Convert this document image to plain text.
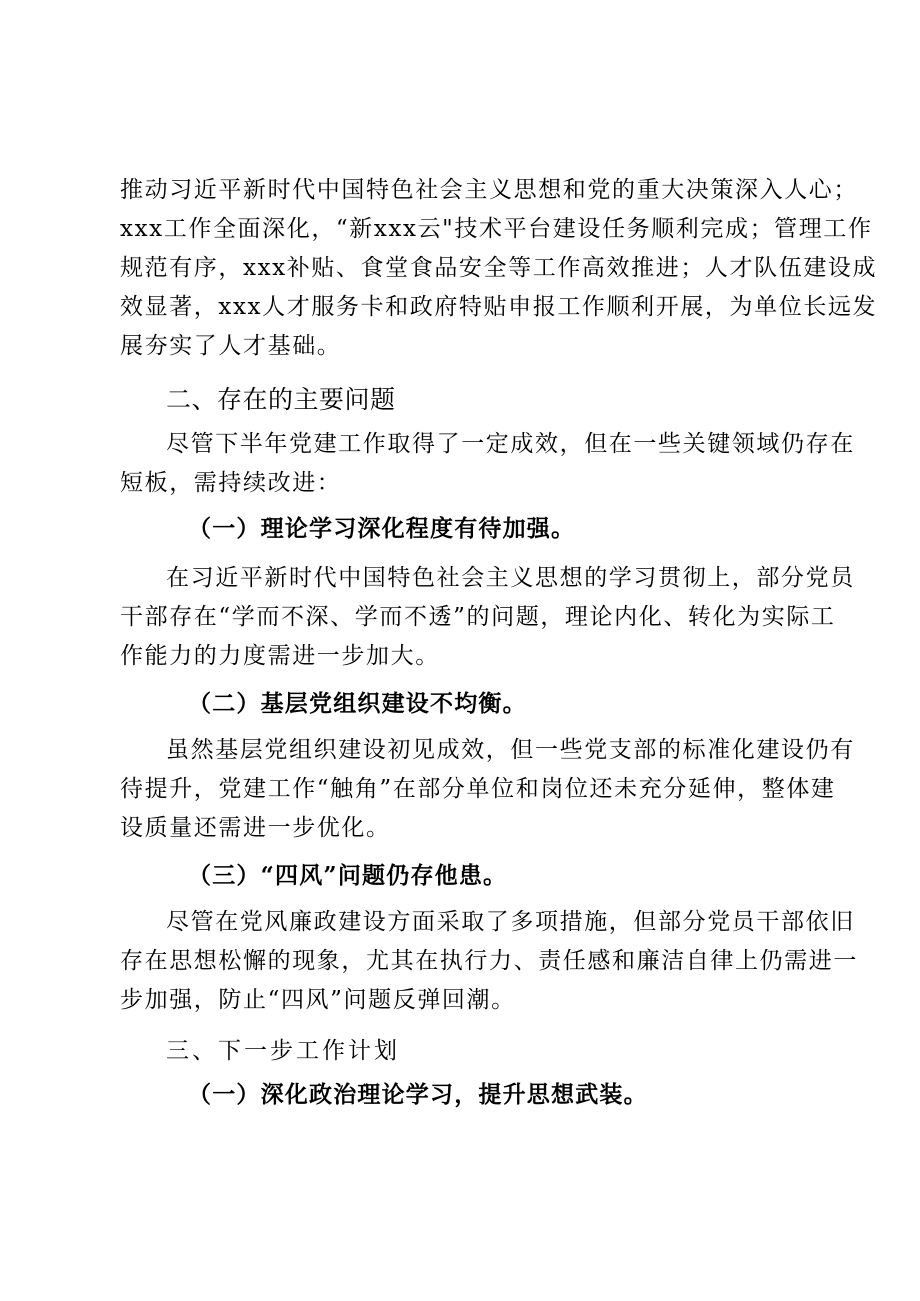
推动习近平新时代中国特色社会主义思想和党的重大决策深入人心；
xxx工作全面深化，“新xxx云"技术平台建设任务顺利完成；管理工作
规范有序，xxx补贴、食堂食品安全等工作高效推进；人才队伍建设成
效显著，xxx人才服务卡和政府特贴申报工作顺利开展，为单位长远发
展夯实了人才基础。
二、存在的主要问题
尽管下半年党建工作取得了一定成效，但在一些关键领域仍存在
短板，需持续改进：
（一）理论学习深化程度有待加强。
在习近平新时代中国特色社会主义思想的学习贯彻上，部分党员
干部存在“学而不深、学而不透”的问题，理论内化、转化为实际工
作能力的力度需进一步加大。
（二）基层党组织建设不均衡。
虽然基层党组织建设初见成效，但一些党支部的标准化建设仍有
待提升，党建工作“触角”在部分单位和岗位还未充分延伸，整体建
设质量还需进一步优化。
（三）“四风”问题仍存他患。
尽管在党风廉政建设方面采取了多项措施，但部分党员干部依旧
存在思想松懈的现象，尤其在执行力、责任感和廉洁自律上仍需进一
步加强，防止“四风”问题反弹回潮。
三、下一步工作计划
（一）深化政治理论学习，提升思想武装。
